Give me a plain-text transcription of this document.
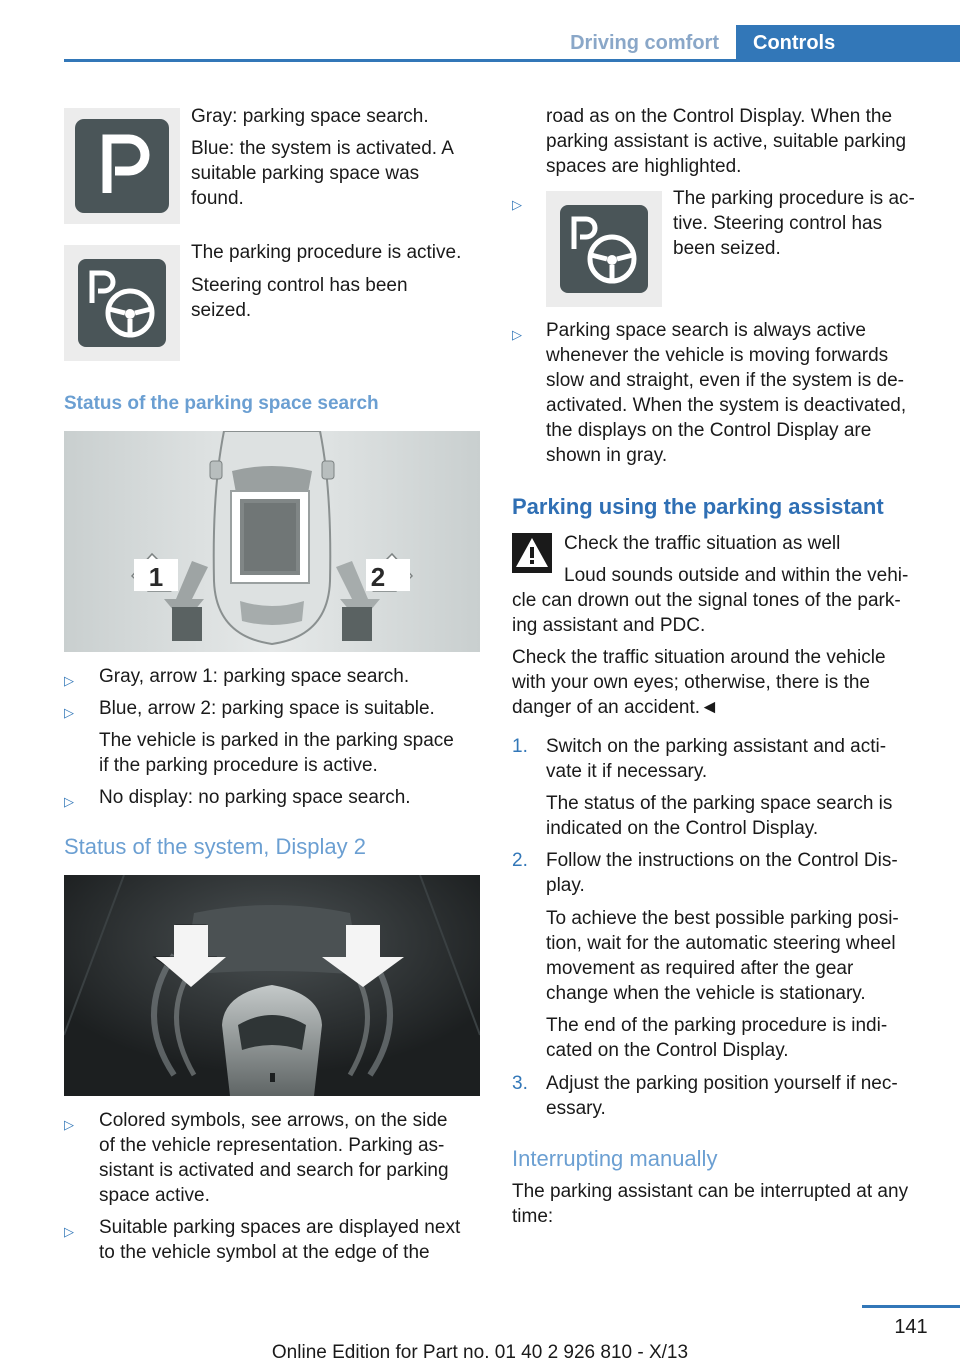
Driving comfort	Controls

Gray: parking space search.

Blue: the system is activated. A

suitable parking space was

found.

The parking procedure is active.

Steering control has been

seized.

Status of the parking space search

1	2
▷ Gray, arrow 1: parking space search.

▷ Blue, arrow 2: parking space is suitable.

The vehicle is parked in the parking space

if the parking procedure is active.

▷ No display: no parking space search.

Status of the system, Display 2

▷ Colored symbols, see arrows, on the side

of the vehicle representation. Parking as-

sistant is activated and search for parking

space active.

▷ Suitable parking spaces are displayed next

to the vehicle symbol at the edge of the

road as on the Control Display. When the

parking assistant is active, suitable parking

spaces are highlighted.

▷	The parking procedure is ac-

tive. Steering control has

been seized.

▷ Parking space search is always active

whenever the vehicle is moving forwards

slow and straight, even if the system is de-

activated. When the system is deactivated,

the displays on the Control Display are

shown in gray.

Parking using the parking assistant

Check the traffic situation as well

Loud sounds outside and within the vehi-

cle can drown out the signal tones of the park-

ing assistant and PDC.

Check the traffic situation around the vehicle

with your own eyes; otherwise, there is the

danger of an accident.◄

1. Switch on the parking assistant and acti-

vate it if necessary.

The status of the parking space search is

indicated on the Control Display.

2. Follow the instructions on the Control Dis-

play.

To achieve the best possible parking posi-

tion, wait for the automatic steering wheel

movement as required after the gear

change when the vehicle is stationary.

The end of the parking procedure is indi-

cated on the Control Display.

3. Adjust the parking position yourself if nec-

essary.

Interrupting manually

The parking assistant can be interrupted at any

time:

141
Online Edition for Part no. 01 40 2 926 810 - X/13
